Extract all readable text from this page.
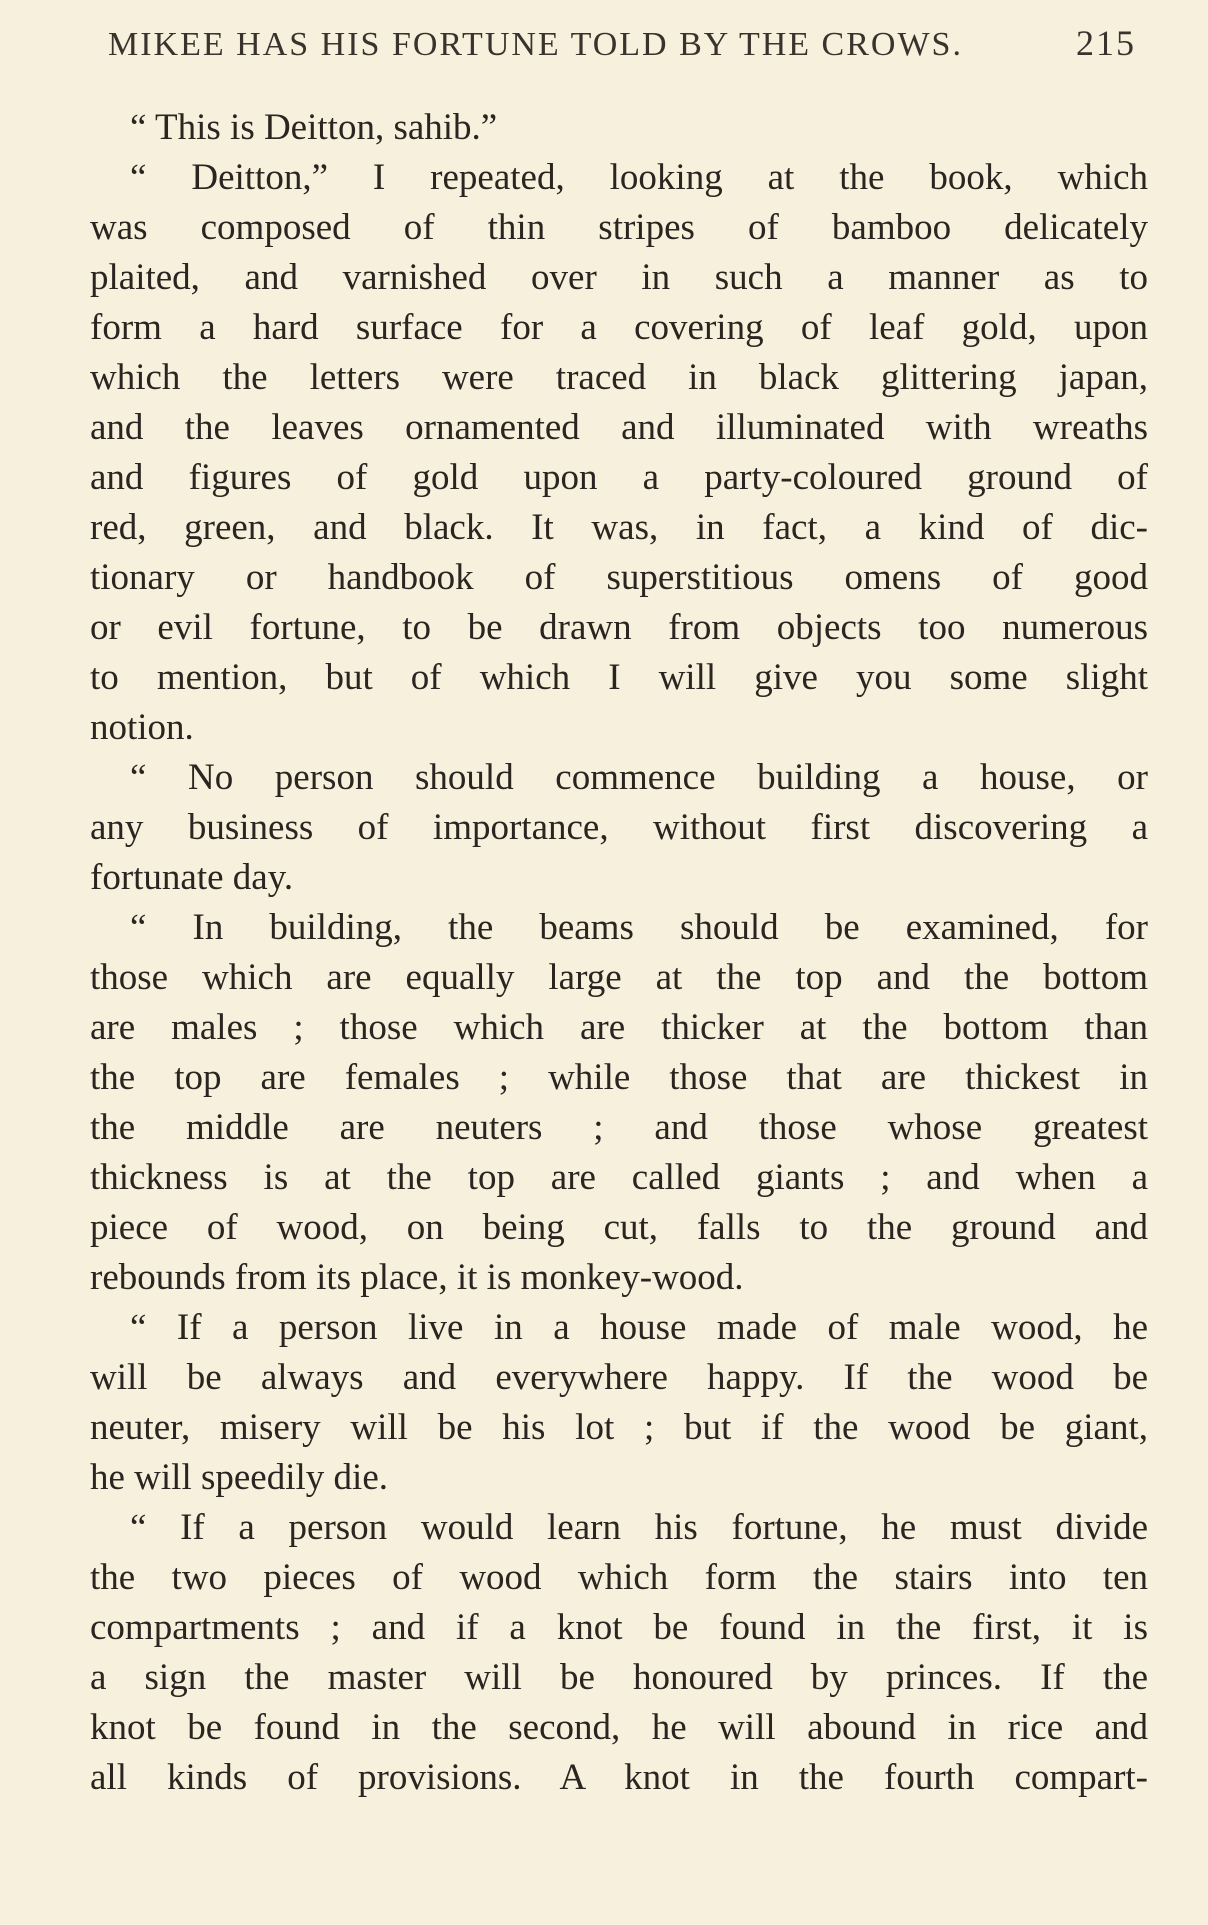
MIKEE HAS HIS FORTUNE TOLD BY THE CROWS.	215
“ This is Deitton, sahib.”
“ Deitton,” I repeated, looking at the book, which
was composed of thin stripes of bamboo delicately
plaited, and varnished over in such a manner as to
form a hard surface for a covering of leaf gold, upon
which the letters were traced in black glittering japan,
and the leaves ornamented and illuminated with wreaths
and figures of gold upon a party-coloured ground of
red, green, and black. It was, in fact, a kind of dic-
tionary or handbook of superstitious omens of good
or evil fortune, to be drawn from objects too numerous
to mention, but of which I will give you some slight
notion.
“ No person should commence building a house, or
any business of importance, without first discovering a
fortunate day.
“ In building, the beams should be examined, for
those which are equally large at the top and the bottom
are males ; those which are thicker at the bottom than
the top are females ; while those that are thickest in
the middle are neuters ; and those whose greatest
thickness is at the top are called giants ; and when a
piece of wood, on being cut, falls to the ground and
rebounds from its place, it is monkey-wood.
“ If a person live in a house made of male wood, he
will be always and everywhere happy. If the wood be
neuter, misery will be his lot ; but if the wood be giant,
he will speedily die.
“ If a person would learn his fortune, he must divide
the two pieces of wood which form the stairs into ten
compartments ; and if a knot be found in the first, it is
a sign the master will be honoured by princes. If the
knot be found in the second, he will abound in rice and
all kinds of provisions. A knot in the fourth compart-
